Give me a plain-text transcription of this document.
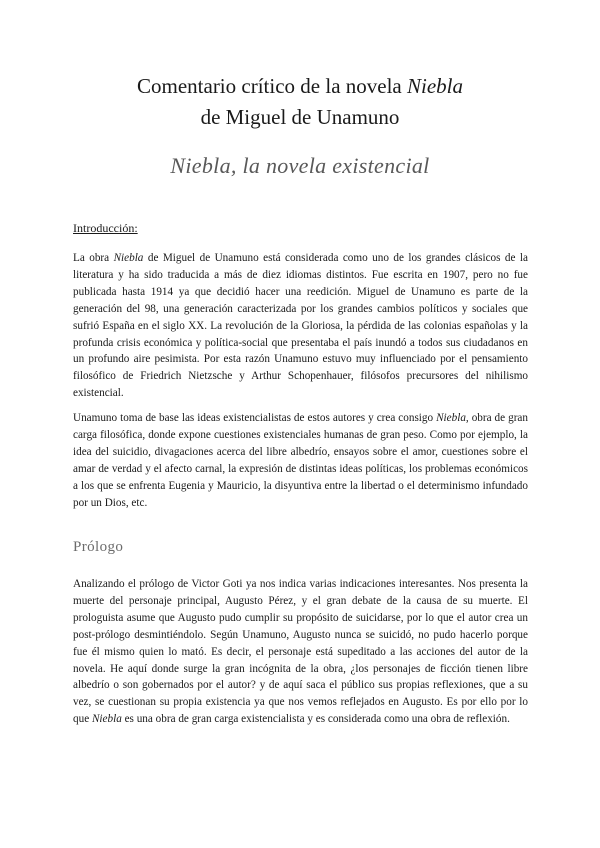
Comentario crítico de la novela Niebla
de Miguel de Unamuno
Niebla, la novela existencial
Introducción:
La obra Niebla de Miguel de Unamuno está considerada como uno de los grandes clásicos de la literatura y ha sido traducida a más de diez idiomas distintos. Fue escrita en 1907, pero no fue publicada hasta 1914 ya que decidió hacer una reedición. Miguel de Unamuno es parte de la generación del 98, una generación caracterizada por los grandes cambios políticos y sociales que sufrió España en el siglo XX. La revolución de la Gloriosa, la pérdida de las colonias españolas y la profunda crisis económica y política-social que presentaba el país inundó a todos sus ciudadanos en un profundo aire pesimista. Por esta razón Unamuno estuvo muy influenciado por el pensamiento filosófico de Friedrich Nietzsche y Arthur Schopenhauer, filósofos precursores del nihilismo existencial.
Unamuno toma de base las ideas existencialistas de estos autores y crea consigo Niebla, obra de gran carga filosófica, donde expone cuestiones existenciales humanas de gran peso. Como por ejemplo, la idea del suicidio, divagaciones acerca del libre albedrío, ensayos sobre el amor, cuestiones sobre el amar de verdad y el afecto carnal, la expresión de distintas ideas políticas, los problemas económicos a los que se enfrenta Eugenia y Mauricio, la disyuntiva entre la libertad o el determinismo infundado por un Dios, etc.
Prólogo
Analizando el prólogo de Victor Goti ya nos indica varias indicaciones interesantes. Nos presenta la muerte del personaje principal, Augusto Pérez, y el gran debate de la causa de su muerte. El prologuista asume que Augusto pudo cumplir su propósito de suicidarse, por lo que el autor crea un post-prólogo desmintiéndolo. Según Unamuno, Augusto nunca se suicidó, no pudo hacerlo porque fue él mismo quien lo mató. Es decir, el personaje está supeditado a las acciones del autor de la novela. He aquí donde surge la gran incógnita de la obra, ¿los personajes de ficción tienen libre albedrío o son gobernados por el autor? y de aquí saca el público sus propias reflexiones, que a su vez, se cuestionan su propia existencia ya que nos vemos reflejados en Augusto. Es por ello por lo que Niebla es una obra de gran carga existencialista y es considerada como una obra de reflexión.
